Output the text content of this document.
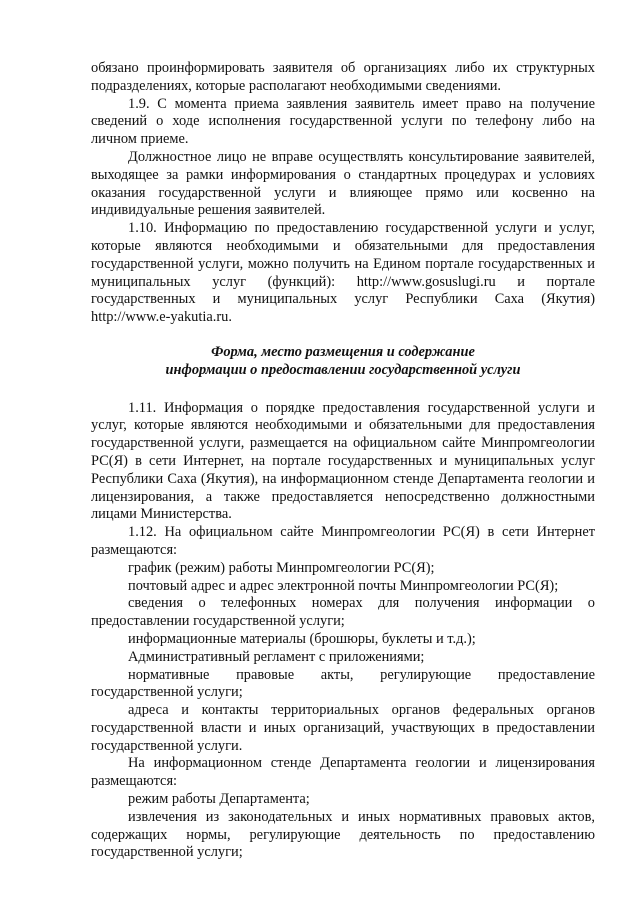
обязано проинформировать заявителя об организациях либо их структурных подразделениях, которые располагают необходимыми сведениями.

1.9. С момента приема заявления заявитель имеет право на получение сведений о ходе исполнения государственной услуги по телефону либо на личном приеме.

Должностное лицо не вправе осуществлять консультирование заявителей, выходящее за рамки информирования о стандартных процедурах и условиях оказания государственной услуги и влияющее прямо или косвенно на индивидуальные решения заявителей.

1.10. Информацию по предоставлению государственной услуги и услуг, которые являются необходимыми и обязательными для предоставления государственной услуги, можно получить на Едином портале государственных и муниципальных услуг (функций): http://www.gosuslugi.ru и портале государственных и муниципальных услуг Республики Саха (Якутия) http://www.e-yakutia.ru.

Форма, место размещения и содержание
информации о предоставлении государственной услуги

1.11. Информация о порядке предоставления государственной услуги и услуг, которые являются необходимыми и обязательными для предоставления государственной услуги, размещается на официальном сайте Минпромгеологии РС(Я) в сети Интернет, на портале государственных и муниципальных услуг Республики Саха (Якутия), на информационном стенде Департамента геологии и лицензирования, а также предоставляется непосредственно должностными лицами Министерства.

1.12. На официальном сайте Минпромгеологии РС(Я) в сети Интернет размещаются:

график (режим) работы Минпромгеологии РС(Я);

почтовый адрес и адрес электронной почты Минпромгеологии РС(Я);

сведения о телефонных номерах для получения информации о предоставлении государственной услуги;

информационные материалы (брошюры, буклеты и т.д.);

Административный регламент с приложениями;

нормативные правовые акты, регулирующие предоставление государственной услуги;

адреса и контакты территориальных органов федеральных органов государственной власти и иных организаций, участвующих в предоставлении государственной услуги.

На информационном стенде Департамента геологии и лицензирования размещаются:

режим работы Департамента;

извлечения из законодательных и иных нормативных правовых актов, содержащих нормы, регулирующие деятельность по предоставлению государственной услуги;
